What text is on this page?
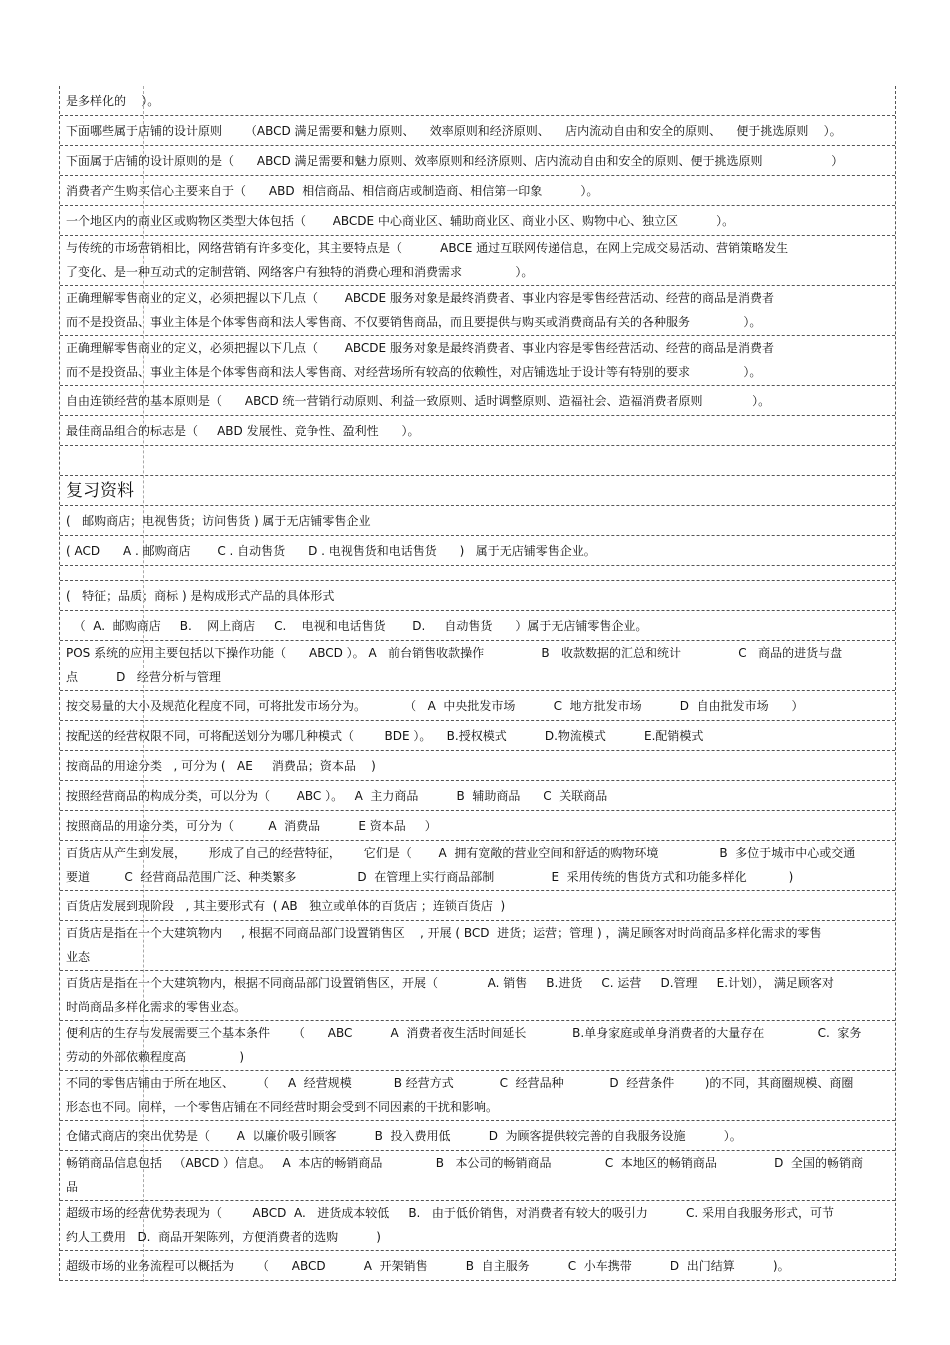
是多样化的    ）。
下面哪些属于店铺的设计原则      （ABCD 满足需要和魅力原则、    效率原则和经济原则、    店内流动自由和安全的原则、    便于挑选原则    ）。
下面属于店铺的设计原则的是（      ABCD 满足需要和魅力原则、效率原则和经济原则、店内流动自由和安全的原则、便于挑选原则                  ）
消费者产生购买信心主要来自于（      ABD  相信商品、相信商店或制造商、相信第一印象          ）。
一个地区内的商业区或购物区类型大体包括（       ABCDE 中心商业区、辅助商业区、商业小区、购物中心、独立区          ）。
与传统的市场营销相比，网络营销有许多变化，其主要特点是（          ABCE 通过互联网传递信息，在网上完成交易活动、营销策略发生
了变化、是一种互动式的定制营销、网络客户有独特的消费心理和消费需求              ）。
正确理解零售商业的定义，必须把握以下几点（       ABCDE 服务对象是最终消费者、事业内容是零售经营活动、经营的商品是消费者
而不是投资品、事业主体是个体零售商和法人零售商、不仅要销售商品，而且要提供与购买或消费商品有关的各种服务              ）。
正确理解零售商业的定义，必须把握以下几点（       ABCDE 服务对象是最终消费者、事业内容是零售经营活动、经营的商品是消费者
而不是投资品、事业主体是个体零售商和法人零售商、对经营场所有较高的依赖性，对店铺选址于设计等有特别的要求              ）。
自由连锁经营的基本原则是（      ABCD 统一营销行动原则、利益一致原则、适时调整原则、造福社会、造福消费者原则             ）。
最佳商品组合的标志是（     ABD 发展性、竞争性、盈利性      ）。
复习资料
(   邮购商店；电视售货；访问售货 ) 属于无店铺零售企业
( ACD      A . 邮购商店       C . 自动售货      D . 电视售货和电话售货      )   属于无店铺零售企业。
(   特征；品质；商标 ) 是构成形式产品的具体形式
（  A.  邮购商店     B.    网上商店     C.    电视和电话售货       D.     自动售货      ）属于无店铺零售企业。
POS 系统的应用主要包括以下操作功能（      ABCD ）。 A   前台销售收款操作               B   收款数据的汇总和统计               C   商品的进货与盘
点          D   经营分析与管理
按交易量的大小及规范化程度不同，可将批发市场分为。          （   A  中央批发市场          C  地方批发市场          D  自由批发市场      ）
按配送的经营权限不同，可将配送划分为哪几种模式（        BDE ）。    B.授权模式          D.物流模式          E.配销模式
按商品的用途分类   , 可分为 (   AE     消费品；资本品    )
按照经营商品的构成分类，可以分为（       ABC ）。   A  主力商品          B  辅助商品      C  关联商品
按照商品的用途分类，可分为（         A  消费品          E 资本品     ）
百货店从产生到发展，      形成了自己的经营特征，      它们是（       A  拥有宽敞的营业空间和舒适的购物环境                B  多位于城市中心或交通
要道         C  经营商品范围广泛、种类繁多                D  在管理上实行商品部制               E  采用传统的售货方式和功能多样化           )
百货店发展到现阶段   , 其主要形式有  ( AB   独立或单体的百货店 ；连锁百货店  )
百货店是指在一个大建筑物内     , 根据不同商品部门设置销售区    , 开展 ( BCD  进货；运营；管理 ) ，满足顾客对时尚商品多样化需求的零售
业态
百货店是指在一个大建筑物内，根据不同商品部门设置销售区，开展（             A. 销售     B.进货     C. 运营     D.管理     E.计划）， 满足顾客对
时尚商品多样化需求的零售业态。
便利店的生存与发展需要三个基本条件      （      ABC          A  消费者夜生活时间延长            B.单身家庭或单身消费者的大量存在              C.  家务
劳动的外部依赖程度高              )
不同的零售店铺由于所在地区、      （     A  经营规模           B 经营方式            C  经营品种            D  经营条件        )的不同，其商圈规模、商圈
形态也不同。同样，一个零售店铺在不同经营时期会受到不同因素的干扰和影响。
仓储式商店的突出优势是（       A  以廉价吸引顾客          B  投入费用低          D  为顾客提供较完善的自我服务设施          ）。
畅销商品信息包括   （ABCD ）信息。   A  本店的畅销商品              B   本公司的畅销商品              C  本地区的畅销商品               D  全国的畅销商
品
超级市场的经营优势表现为（        ABCD  A.   进货成本较低     B.   由于低价销售，对消费者有较大的吸引力          C. 采用自我服务形式，可节
约人工费用   D.  商品开架陈列，方便消费者的选购          )
超级市场的业务流程可以概括为      （      ABCD          A  开架销售          B  自主服务          C  小车携带          D  出门结算          )。
